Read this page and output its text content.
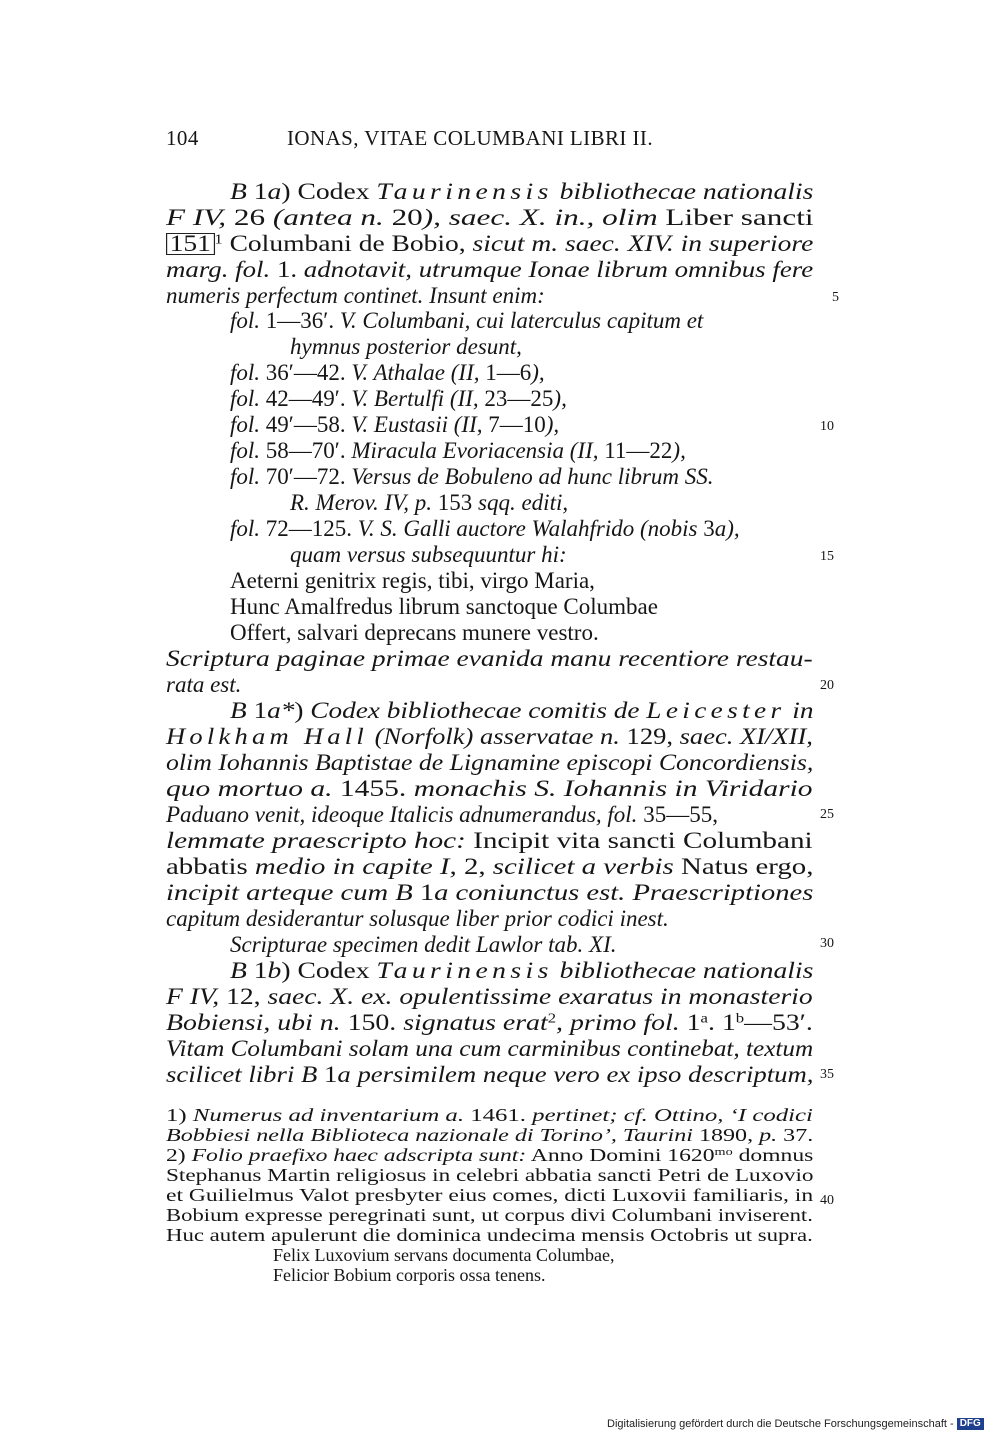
104	IONAS, VITAE COLUMBANI LIBRI II.
B 1a) Codex Taurinensis bibliothecae nationalis
F IV, 26 (antea n. 20), saec. X. in., olim Liber sancti
151 $^1$ Columbani de Bobio, sicut m. saec. XIV. in superiore
marg. fol. 1. adnotavit, utrumque Ionae librum omnibus fere
numeris perfectum continet. Insunt enim:
fol. 1—36′. V. Columbani, cui laterculus capitum et
hymnus posterior desunt,
fol. 36′—42. V. Athalae (II, 1—6),
fol. 42—49′. V. Bertulfi (II, 23—25),
fol. 49′—58. V. Eustasii (II, 7—10),
fol. 58—70′. Miracula Evoriacensia (II, 11—22),
fol. 70′—72. Versus de Bobuleno ad hunc librum SS.
R. Merov. IV, p. 153 sqq. editi,
fol. 72—125. V. S. Galli auctore Walahfrido (nobis 3a),
quam versus subsequuntur hi:
Aeterni genitrix regis, tibi, virgo Maria,
Hunc Amalfredus librum sanctoque Columbae
Offert, salvari deprecans munere vestro.
Scriptura paginae primae evanida manu recentiore restau-
rata est.
B 1a*) Codex bibliothecae comitis de Leicester in
Holkham Hall (Norfolk) asservatae n. 129, saec. XI/XII,
olim Iohannis Baptistae de Lignamine episcopi Concordiensis,
quo mortuo a. 1455. monachis S. Iohannis in Viridario
Paduano venit, ideoque Italicis adnumerandus, fol. 35—55,
lemmate praescripto hoc: Incipit vita sancti Columbani
abbatis medio in capite I, 2, scilicet a verbis Natus ergo,
incipit arteque cum B 1a coniunctus est. Praescriptiones
capitum desiderantur solusque liber prior codici inest.
Scripturae specimen dedit Lawlor tab. XI.
B 1b) Codex Taurinensis bibliothecae nationalis
F IV, 12, saec. X. ex. opulentissime exaratus in monasterio
Bobiensi, ubi n. 150. signatus erat$^2$, primo fol. 1$^a$. 1$^b$—53′.
Vitam Columbani solam una cum carminibus continebat, textum
scilicet libri B 1a persimilem neque vero ex ipso descriptum,
1) Numerus ad inventarium a. 1461. pertinet; cf. Ottino, ‘I codici
Bobbiesi nella Biblioteca nazionale di Torino’, Taurini 1890, p. 37.
2) Folio praefixo haec adscripta sunt: Anno Domini $1620^{mo}$ domnus
Stephanus Martin religiosus in celebri abbatia sancti Petri de Luxovio
et Guilielmus Valot presbyter eius comes, dicti Luxovii familiaris, in
Bobium expresse peregrinati sunt, ut corpus divi Columbani inviserent.
Huc autem apulerunt die dominica undecima mensis Octobris ut supra.
Felix Luxovium servans documenta Columbae,
Felicior Bobium corporis ossa tenens.
5
10
15
20
25
30
35
40
Digitalisierung gefördert durch die Deutsche Forschungsgemeinschaft - DFG
